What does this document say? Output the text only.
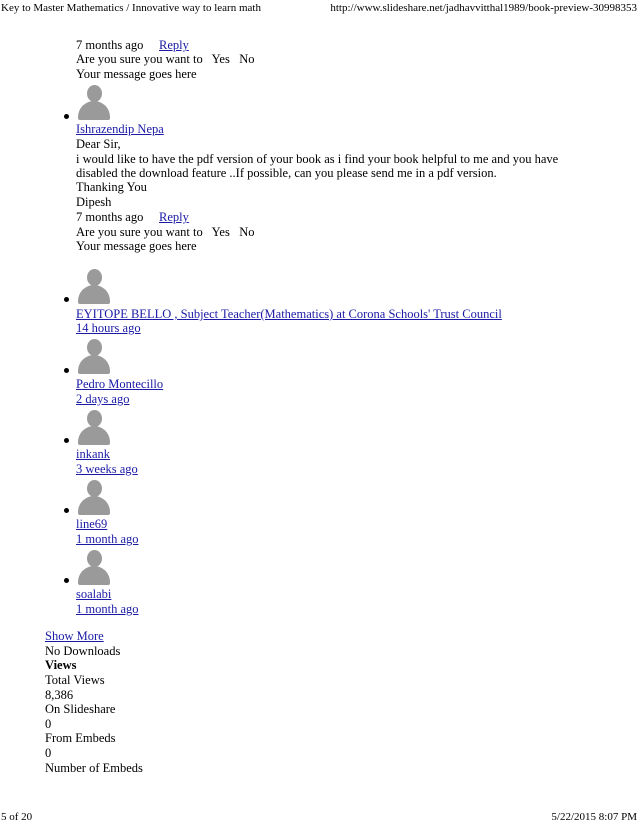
Key to Master Mathematics / Innovative way to learn math	http://www.slideshare.net/jadhavvitthal1989/book-preview-30998353
7 months ago Reply
Are you sure you want to Yes No
Your message goes here
Ishrazendip Nepa
Dear Sir,
i would like to have the pdf version of your book as i find your book helpful to me and you have
disabled the download feature ..If possible, can you please send me in a pdf version.
Thanking You
Dipesh
7 months ago Reply
Are you sure you want to Yes No
Your message goes here
EYITOPE BELLO , Subject Teacher(Mathematics) at Corona Schools' Trust Council
14 hours ago
Pedro Montecillo
2 days ago
inkank
3 weeks ago
line69
1 month ago
soalabi
1 month ago
Show More
No Downloads
Views
Total Views
8,386
On Slideshare
0
From Embeds
0
Number of Embeds
5 of 20	5/22/2015 8:07 PM
